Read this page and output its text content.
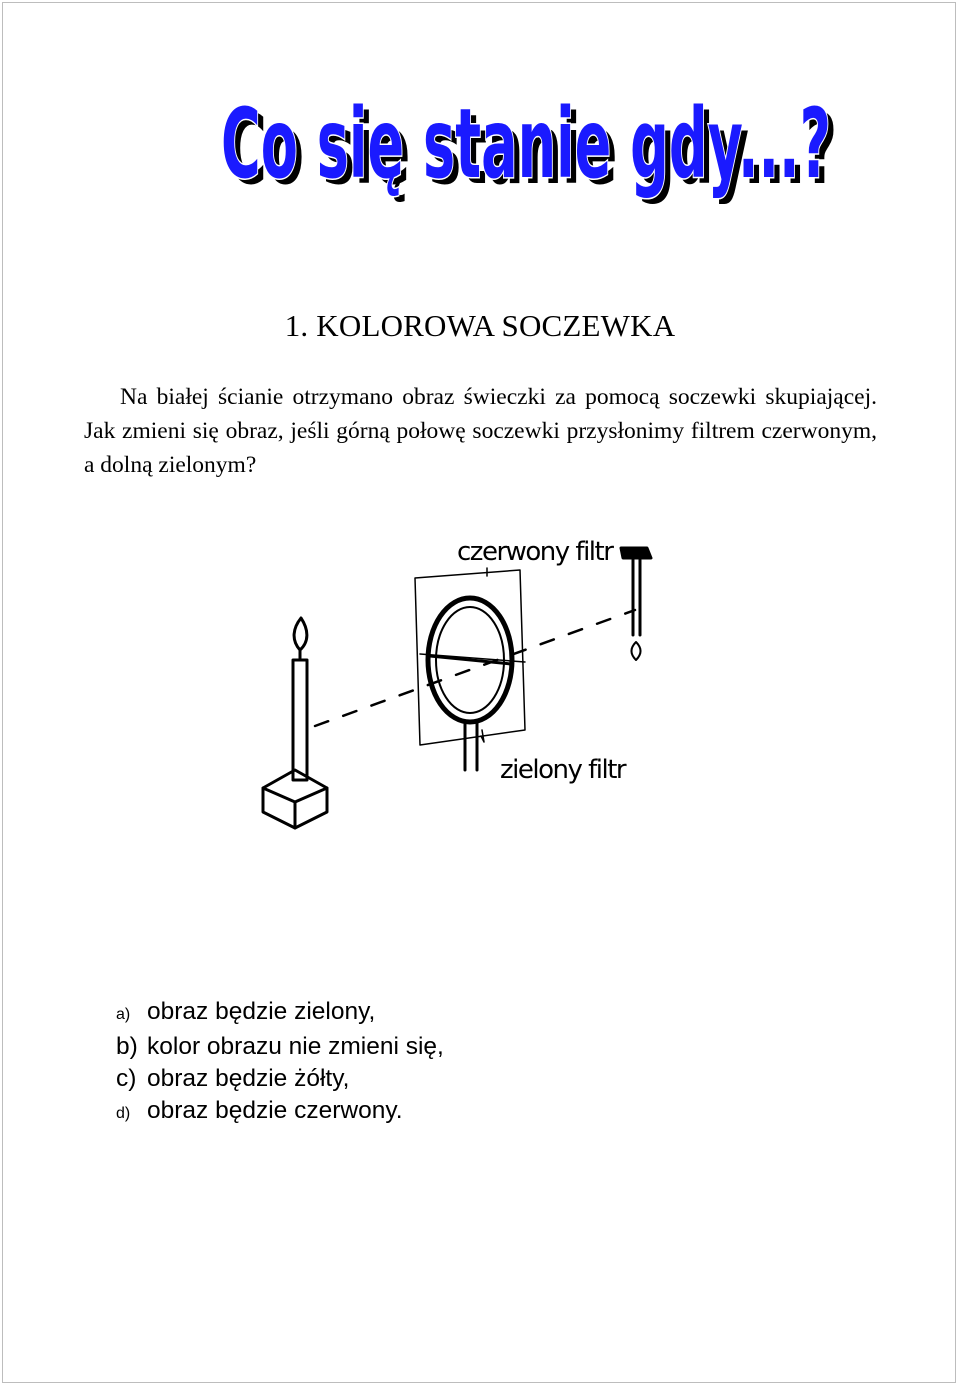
Co się stanie gdy...?
Co się stanie gdy...?
1. KOLOROWA SOCZEWKA
Na białej ścianie otrzymano obraz świeczki za pomocą soczewki skupiającej. Jak zmieni się obraz, jeśli górną połowę soczewki przysłonimy filtrem czerwonym, a dolną zielonym?
czerwony filtr
zielony filtr
a) obraz będzie zielony,
b) kolor obrazu nie zmieni się,
c) obraz będzie żółty,
d) obraz będzie czerwony.
